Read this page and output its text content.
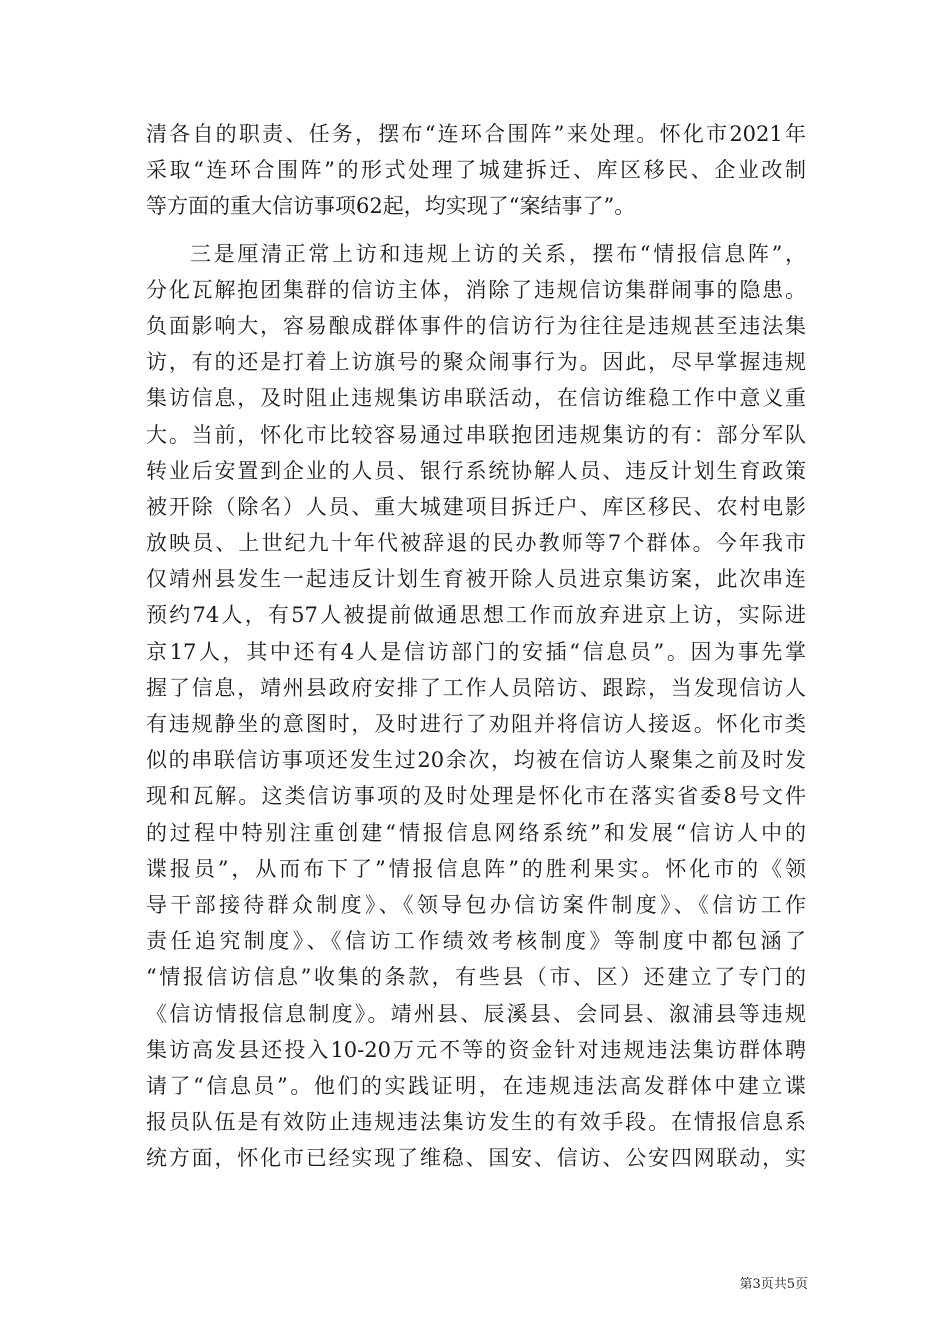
清各自的职责、任务，摆布“连环合围阵”来处理。怀化市2021年
采取“连环合围阵”的形式处理了城建拆迁、库区移民、企业改制
等方面的重大信访事项62起，均实现了“案结事了”。
三是厘清正常上访和违规上访的关系，摆布“情报信息阵”，
分化瓦解抱团集群的信访主体，消除了违规信访集群闹事的隐患。
负面影响大，容易酿成群体事件的信访行为往往是违规甚至违法集
访，有的还是打着上访旗号的聚众闹事行为。因此，尽早掌握违规
集访信息，及时阻止违规集访串联活动，在信访维稳工作中意义重
大。当前，怀化市比较容易通过串联抱团违规集访的有：部分军队
转业后安置到企业的人员、银行系统协解人员、违反计划生育政策
被开除（除名）人员、重大城建项目拆迁户、库区移民、农村电影
放映员、上世纪九十年代被辞退的民办教师等7个群体。今年我市
仅靖州县发生一起违反计划生育被开除人员进京集访案，此次串连
预约74人，有57人被提前做通思想工作而放弃进京上访，实际进
京17人，其中还有4人是信访部门的安插“信息员”。因为事先掌
握了信息，靖州县政府安排了工作人员陪访、跟踪，当发现信访人
有违规静坐的意图时，及时进行了劝阻并将信访人接返。怀化市类
似的串联信访事项还发生过20余次，均被在信访人聚集之前及时发
现和瓦解。这类信访事项的及时处理是怀化市在落实省委8号文件
的过程中特别注重创建“情报信息网络系统”和发展“信访人中的
谍报员”，从而布下了”情报信息阵”的胜利果实。怀化市的《领
导干部接待群众制度》、《领导包办信访案件制度》、《信访工作
责任追究制度》、《信访工作绩效考核制度》等制度中都包涵了
“情报信访信息”收集的条款，有些县（市、区）还建立了专门的
《信访情报信息制度》。靖州县、辰溪县、会同县、溆浦县等违规
集访高发县还投入10-20万元不等的资金针对违规违法集访群体聘
请了“信息员”。他们的实践证明，在违规违法高发群体中建立谍
报员队伍是有效防止违规违法集访发生的有效手段。在情报信息系
统方面，怀化市已经实现了维稳、国安、信访、公安四网联动，实
第3页共5页
